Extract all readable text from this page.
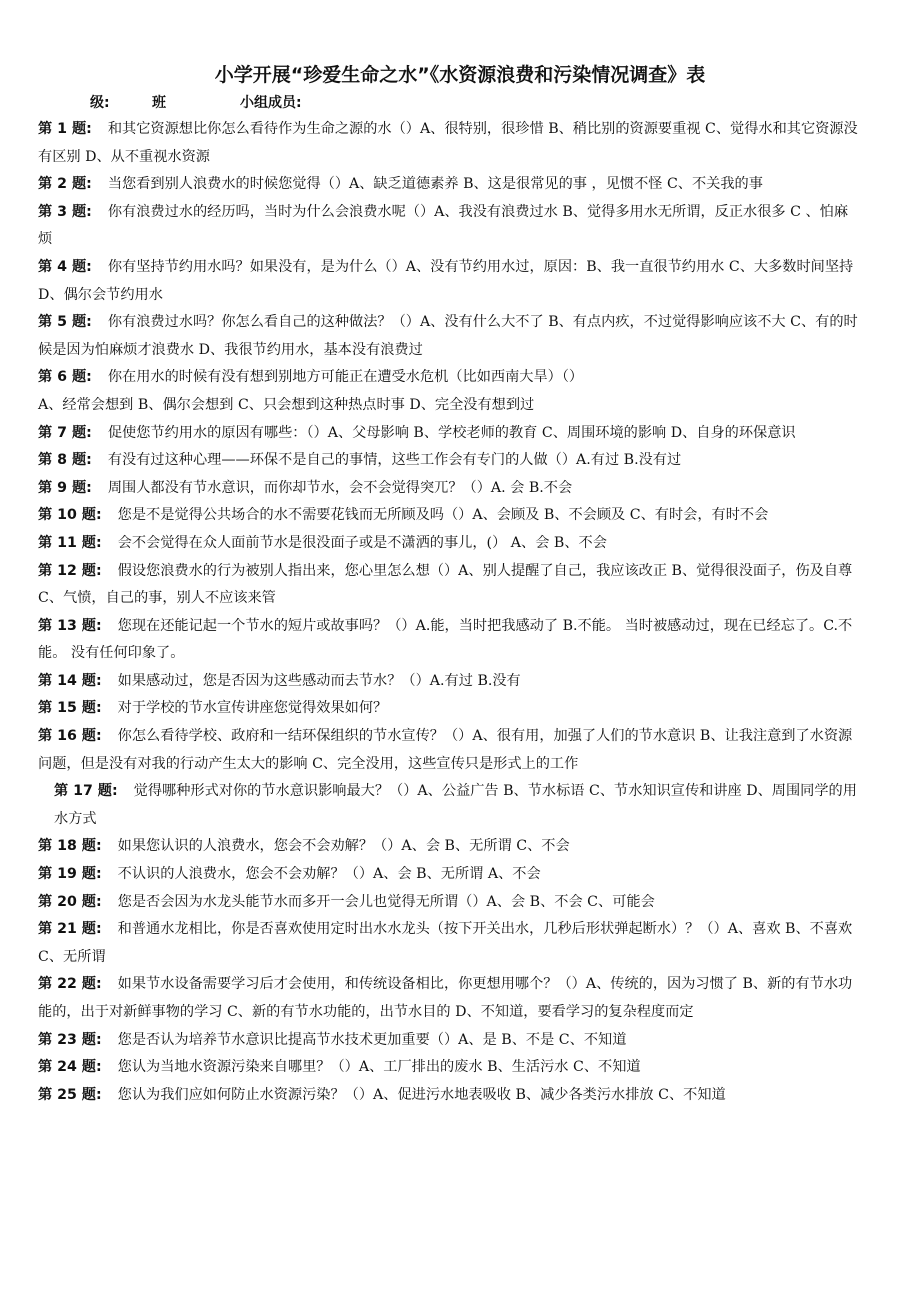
小学开展“珍爱生命之水”《水资源浪费和污染情况调查》表
级:	班	小组成员:

第 1 题: 和其它资源想比你怎么看待作为生命之源的水（）A、很特别，很珍惜 B、稍比别的资源要重视 C、觉得水和其它资源没有区别 D、从不重视水资源

第 2 题: 当您看到别人浪费水的时候您觉得（）A、缺乏道德素养 B、这是很常见的事 ，见惯不怪 C、不关我的事

第 3 题: 你有浪费过水的经历吗，当时为什么会浪费水呢（）A、我没有浪费过水 B、觉得多用水无所谓，反正水很多 C 、怕麻烦

第 4 题: 你有坚持节约用水吗？如果没有，是为什么（）A、没有节约用水过，原因：B、我一直很节约用水 C、大多数时间坚持 D、偶尔会节约用水

第 5 题: 你有浪费过水吗？你怎么看自己的这种做法？（）A、没有什么大不了 B、有点内疚，不过觉得影响应该不大 C、有的时候是因为怕麻烦才浪费水 D、我很节约用水，基本没有浪费过

第 6 题: 你在用水的时候有没有想到别地方可能正在遭受水危机（比如西南大旱）（）

A、经常会想到 B、偶尔会想到 C、只会想到这种热点时事 D、完全没有想到过

第 7 题: 促使您节约用水的原因有哪些：（）A、父母影响 B、学校老师的教育 C、周围环境的影响 D、自身的环保意识

第 8 题: 有没有过这种心理——环保不是自己的事情，这些工作会有专门的人做（）A.有过 B.没有过

第 9 题: 周围人都没有节水意识，而你却节水，会不会觉得突兀？（）A. 会 B.不会

第 10 题: 您是不是觉得公共场合的水不需要花钱而无所顾及吗（）A、会顾及 B、不会顾及 C、有时会，有时不会

第 11 题: 会不会觉得在众人面前节水是很没面子或是不潇洒的事儿，(） A、会 B、不会

第 12 题: 假设您浪费水的行为被别人指出来，您心里怎么想（）A、别人提醒了自己，我应该改正 B、觉得很没面子，伤及自尊 C、气愤，自己的事，别人不应该来管

第 13 题: 您现在还能记起一个节水的短片或故事吗？（）A.能，当时把我感动了 B.不能。 当时被感动过，现在已经忘了。C.不能。 没有任何印象了。

第 14 题: 如果感动过，您是否因为这些感动而去节水？（）A.有过 B.没有

第 15 题: 对于学校的节水宣传讲座您觉得效果如何？

第 16 题: 你怎么看待学校、政府和一结环保组织的节水宣传？（）A、很有用，加强了人们的节水意识 B、让我注意到了水资源问题，但是没有对我的行动产生太大的影响 C、完全没用，这些宣传只是形式上的工作

第 17 题: 觉得哪种形式对你的节水意识影响最大？（）A、公益广告 B、节水标语 C、节水知识宣传和讲座 D、周围同学的用水方式

第 18 题: 如果您认识的人浪费水，您会不会劝解？（）A、会 B、无所谓 C、不会

第 19 题: 不认识的人浪费水，您会不会劝解？（）A、会 B、无所谓 A、不会

第 20 题: 您是否会因为水龙头能节水而多开一会儿也觉得无所谓（）A、会 B、不会 C、可能会

第 21 题: 和普通水龙相比，你是否喜欢使用定时出水水龙头（按下开关出水，几秒后形状弹起断水）？（）A、喜欢 B、不喜欢 C、无所谓

第 22 题: 如果节水设备需要学习后才会使用，和传统设备相比，你更想用哪个？（）A、传统的，因为习惯了 B、新的有节水功能的，出于对新鲜事物的学习 C、新的有节水功能的，出节水目的 D、不知道，要看学习的复杂程度而定

第 23 题: 您是否认为培养节水意识比提高节水技术更加重要（）A、是 B、不是 C、不知道

第 24 题: 您认为当地水资源污染来自哪里？（）A、工厂排出的废水 B、生活污水 C、不知道

第 25 题: 您认为我们应如何防止水资源污染？（）A、促进污水地表吸收 B、减少各类污水排放 C、不知道
